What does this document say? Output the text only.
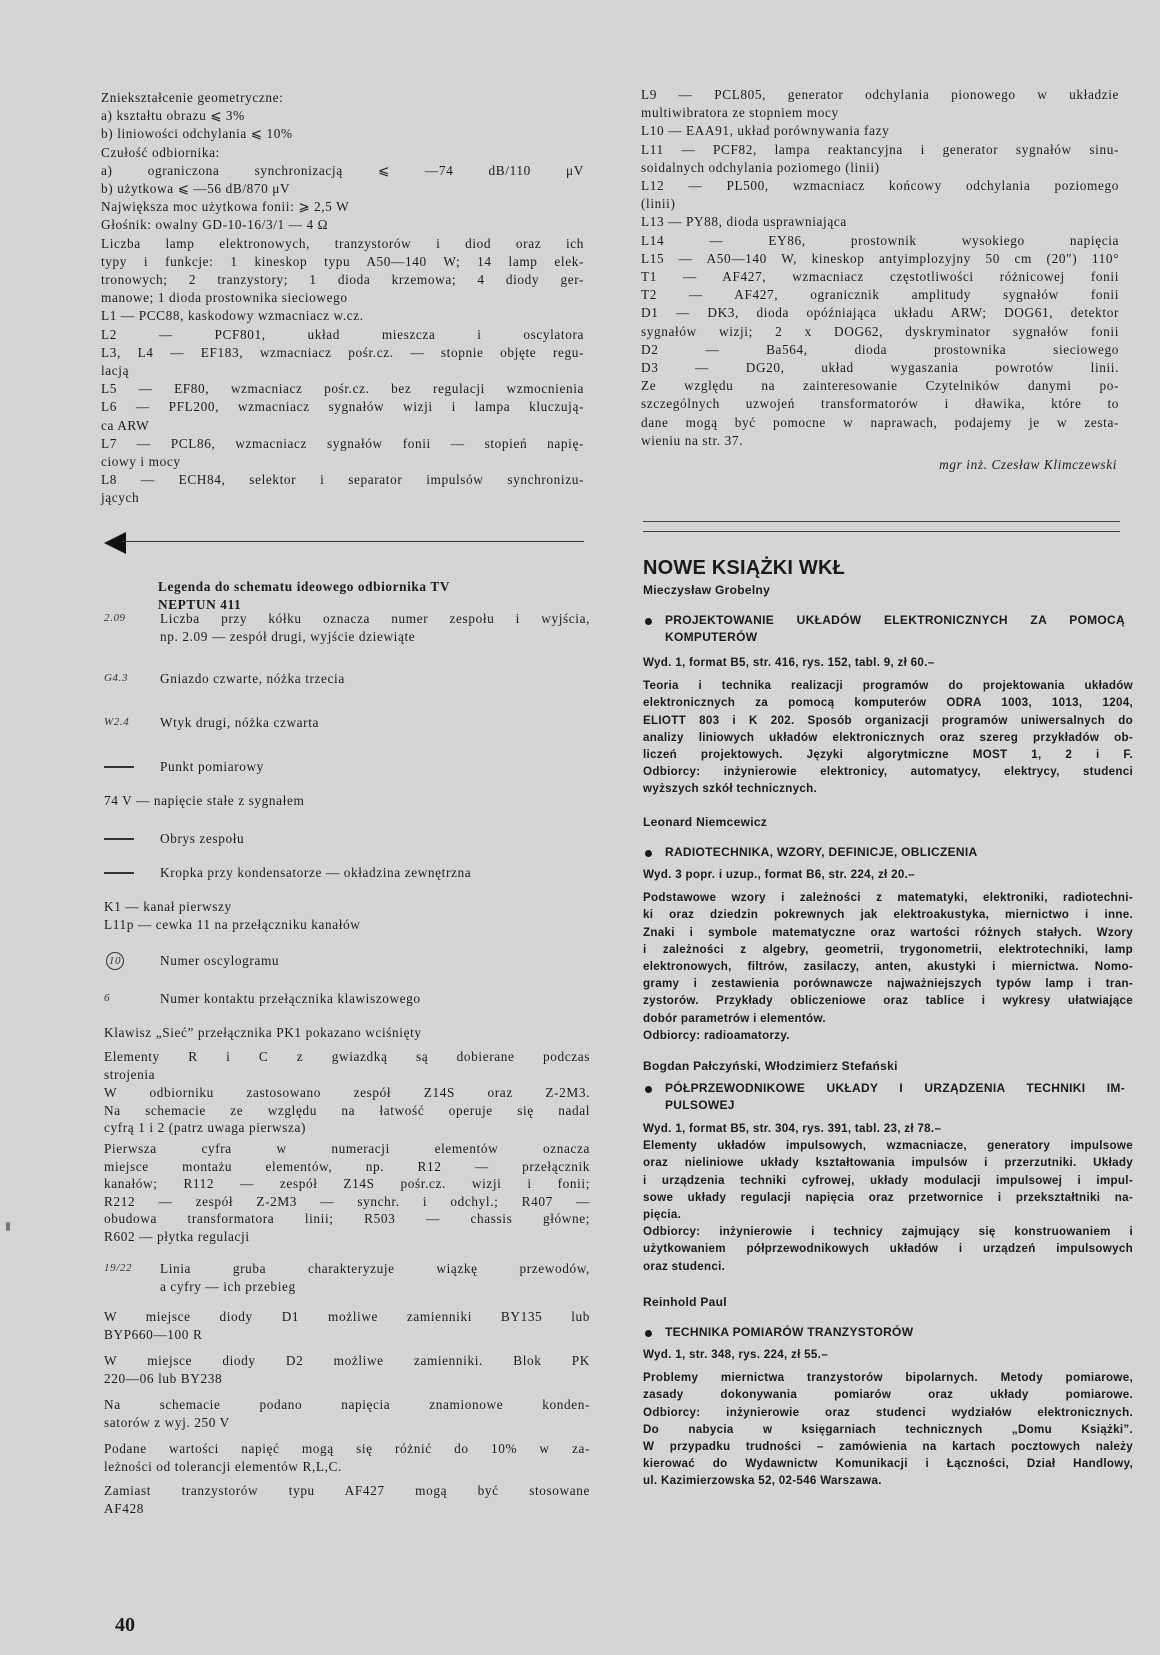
Zniekształcenie geometryczne:
a) kształtu obrazu ⩽ 3%
b) liniowości odchylania ⩽ 10%
Czułość odbiornika:
a) ograniczona synchronizacją ⩽ —74 dB/110 μV
b) użytkowa ⩽ —56 dB/870 μV
Największa moc użytkowa fonii: ⩾ 2,5 W
Głośnik: owalny GD-10-16/3/1 — 4 Ω
Liczba lamp elektronowych, tranzystorów i diod oraz ich
typy i funkcje: 1 kineskop typu A50—140 W; 14 lamp elek-
tronowych; 2 tranzystory; 1 dioda krzemowa; 4 diody ger-
manowe; 1 dioda prostownika sieciowego
L1 — PCC88, kaskodowy wzmacniacz w.cz.
L2 — PCF801, układ mieszcza i oscylatora
L3, L4 — EF183, wzmacniacz pośr.cz. — stopnie objęte regu-
lacją
L5 — EF80, wzmacniacz pośr.cz. bez regulacji wzmocnienia
L6 — PFL200, wzmacniacz sygnałów wizji i lampa kluczują-
ca ARW
L7 — PCL86, wzmacniacz sygnałów fonii — stopień napię-
ciowy i mocy
L8 — ECH84, selektor i separator impulsów synchronizu-
jących
L9 — PCL805, generator odchylania pionowego w układzie
multiwibratora ze stopniem mocy
L10 — EAA91, układ porównywania fazy
L11 — PCF82, lampa reaktancyjna i generator sygnałów sinu-
soidalnych odchylania poziomego (linii)
L12 — PL500, wzmacniacz końcowy odchylania poziomego
(linii)
L13 — PY88, dioda usprawniająca
L14 — EY86, prostownik wysokiego napięcia
L15 — A50—140 W, kineskop antyimplozyjny 50 cm (20″) 110°
T1 — AF427, wzmacniacz częstotliwości różnicowej fonii
T2 — AF427, ogranicznik amplitudy sygnałów fonii
D1 — DK3, dioda opóźniająca układu ARW; DOG61, detektor
sygnałów wizji; 2 x DOG62, dyskryminator sygnałów fonii
D2 — Ba564, dioda prostownika sieciowego
D3 — DG20, układ wygaszania powrotów linii.
Ze względu na zainteresowanie Czytelników danymi po-
szczególnych uzwojeń transformatorów i dławika, które to
dane mogą być pomocne w naprawach, podajemy je w zesta-
wieniu na str. 37.
mgr inż. Czesław Klimczewski
Legenda do schematu ideowego odbiornika TV
NEPTUN 411
2.09	Liczba przy kółku oznacza numer zespołu i wyjścia,
np. 2.09 — zespół drugi, wyjście dziewiąte
G4.3	Gniazdo czwarte, nóżka trzecia
W2.4	Wtyk drugi, nóżka czwarta
Punkt pomiarowy
74 V — napięcie stałe z sygnałem
Obrys zespołu
Kropka przy kondensatorze — okładzina zewnętrzna
K1 — kanał pierwszy
L11p — cewka 11 na przełączniku kanałów
10	Numer oscylogramu
6	Numer kontaktu przełącznika klawiszowego
Klawisz „Sieć” przełącznika PK1 pokazano wciśnięty
Elementy R i C z gwiazdką są dobierane podczas
strojenia
W odbiorniku zastosowano zespół Z14S oraz Z-2M3.
Na schemacie ze względu na łatwość operuje się nadal
cyfrą 1 i 2 (patrz uwaga pierwsza)
Pierwsza cyfra w numeracji elementów oznacza
miejsce montażu elementów, np. R12 — przełącznik
kanałów; R112 — zespół Z14S pośr.cz. wizji i fonii;
R212 — zespół Z-2M3 — synchr. i odchyl.; R407 —
obudowa transformatora linii; R503 — chassis główne;
R602 — płytka regulacji
19/22	Linia gruba charakteryzuje wiązkę przewodów,
a cyfry — ich przebieg
W miejsce diody D1 możliwe zamienniki BY135 lub
BYP660—100 R
W miejsce diody D2 możliwe zamienniki. Blok PK
220—06 lub BY238
Na schemacie podano napięcia znamionowe konden-
satorów z wyj. 250 V
Podane wartości napięć mogą się różnić do 10% w za-
leżności od tolerancji elementów R,L,C.
Zamiast tranzystorów typu AF427 mogą być stosowane
AF428
NOWE KSIĄŻKI WKŁ
Mieczysław Grobelny
PROJEKTOWANIE UKŁADÓW ELEKTRONICZNYCH ZA POMOCĄ
KOMPUTERÓW
Wyd. 1, format B5, str. 416, rys. 152, tabl. 9, zł 60.–
Teoria i technika realizacji programów do projektowania układów
elektronicznych za pomocą komputerów ODRA 1003, 1013, 1204,
ELIOTT 803 i K 202. Sposób organizacji programów uniwersalnych do
analizy liniowych układów elektronicznych oraz szereg przykładów ob-
liczeń projektowych. Języki algorytmiczne MOST 1, 2 i F.
Odbiorcy: inżynierowie elektronicy, automatycy, elektrycy, studenci
wyższych szkół technicznych.
Leonard Niemcewicz
RADIOTECHNIKA, WZORY, DEFINICJE, OBLICZENIA
Wyd. 3 popr. i uzup., format B6, str. 224, zł 20.–
Podstawowe wzory i zależności z matematyki, elektroniki, radiotechni-
ki oraz dziedzin pokrewnych jak elektroakustyka, miernictwo i inne.
Znaki i symbole matematyczne oraz wartości różnych stałych. Wzory
i zależności z algebry, geometrii, trygonometrii, elektrotechniki, lamp
elektronowych, filtrów, zasilaczy, anten, akustyki i miernictwa. Nomo-
gramy i zestawienia porównawcze najważniejszych typów lamp i tran-
zystorów. Przykłady obliczeniowe oraz tablice i wykresy ułatwiające
dobór parametrów i elementów.
Odbiorcy: radioamatorzy.
Bogdan Pałczyński, Włodzimierz Stefański
PÓŁPRZEWODNIKOWE UKŁADY I URZĄDZENIA TECHNIKI IM-
PULSOWEJ
Wyd. 1, format B5, str. 304, rys. 391, tabl. 23, zł 78.–
Elementy układów impulsowych, wzmacniacze, generatory impulsowe
oraz nieliniowe układy kształtowania impulsów i przerzutniki. Układy
i urządzenia techniki cyfrowej, układy modulacji impulsowej i impul-
sowe układy regulacji napięcia oraz przetwornice i przekształtniki na-
pięcia.
Odbiorcy: inżynierowie i technicy zajmujący się konstruowaniem i
użytkowaniem półprzewodnikowych układów i urządzeń impulsowych
oraz studenci.
Reinhold Paul
TECHNIKA POMIARÓW TRANZYSTORÓW
Wyd. 1, str. 348, rys. 224, zł 55.–
Problemy miernictwa tranzystorów bipolarnych. Metody pomiarowe,
zasady dokonywania pomiarów oraz układy pomiarowe.
Odbiorcy: inżynierowie oraz studenci wydziałów elektronicznych.
Do nabycia w księgarniach technicznych „Domu Książki”.
W przypadku trudności – zamówienia na kartach pocztowych należy
kierować do Wydawnictw Komunikacji i Łączności, Dział Handlowy,
ul. Kazimierzowska 52, 02-546 Warszawa.
40
